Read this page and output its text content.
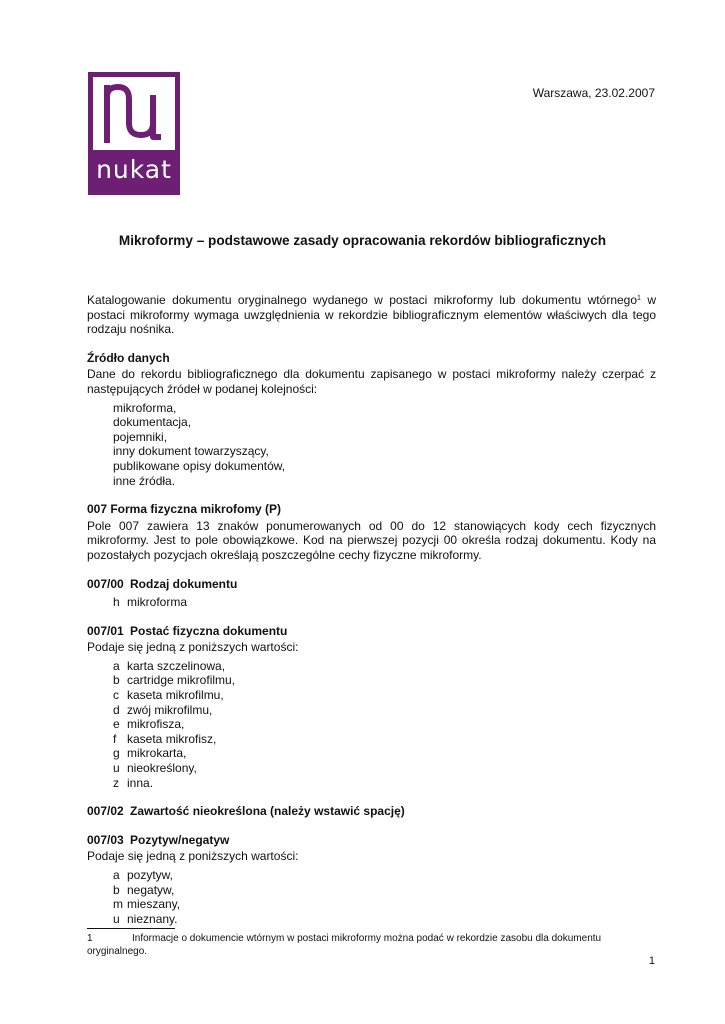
nukat
Warszawa, 23.02.2007
Mikroformy – podstawowe zasady opracowania rekordów bibliograficznych

Katalogowanie dokumentu oryginalnego wydanego w postaci mikroformy lub dokumentu wtórnego$^1$ w postaci mikroformy wymaga uwzględnienia w rekordzie bibliograficznym elementów właściwych dla tego rodzaju nośnika.

Źródło danych

Dane do rekordu bibliograficznego dla dokumentu zapisanego w postaci mikroformy należy czerpać z następujących źródeł w podanej kolejności:

mikroforma,
dokumentacja,
pojemniki,
inny dokument towarzyszący,
publikowane opisy dokumentów,
inne źródła.
007 Forma fizyczna mikrofomy (P)

Pole 007 zawiera 13 znaków ponumerowanych od 00 do 12 stanowiących kody cech fizycznych mikroformy. Jest to pole obowiązkowe. Kod na pierwszej pozycji 00 określa rodzaj dokumentu. Kody na pozostałych pozycjach określają poszczególne cechy fizyczne mikroformy.

007/00 Rodzaj dokumentu
h mikroforma
007/01 Postać fizyczna dokumentu

Podaje się jedną z poniższych wartości:

a karta szczelinowa,
b cartridge mikrofilmu,
c kaseta mikrofilmu,
d zwój mikrofilmu,
e mikrofisza,
f kaseta mikrofisz,
g mikrokarta,
u nieokreślony,
z inna.
007/02 Zawartość nieokreślona (należy wstawić spację)
007/03 Pozytyw/negatyw

Podaje się jedną z poniższych wartości:

a pozytyw,
b negatyw,
m mieszany,
u nieznany.
1	Informacje o dokumencie wtórnym w postaci mikroformy można podać w rekordzie zasobu dla dokumentu oryginalnego.
1
